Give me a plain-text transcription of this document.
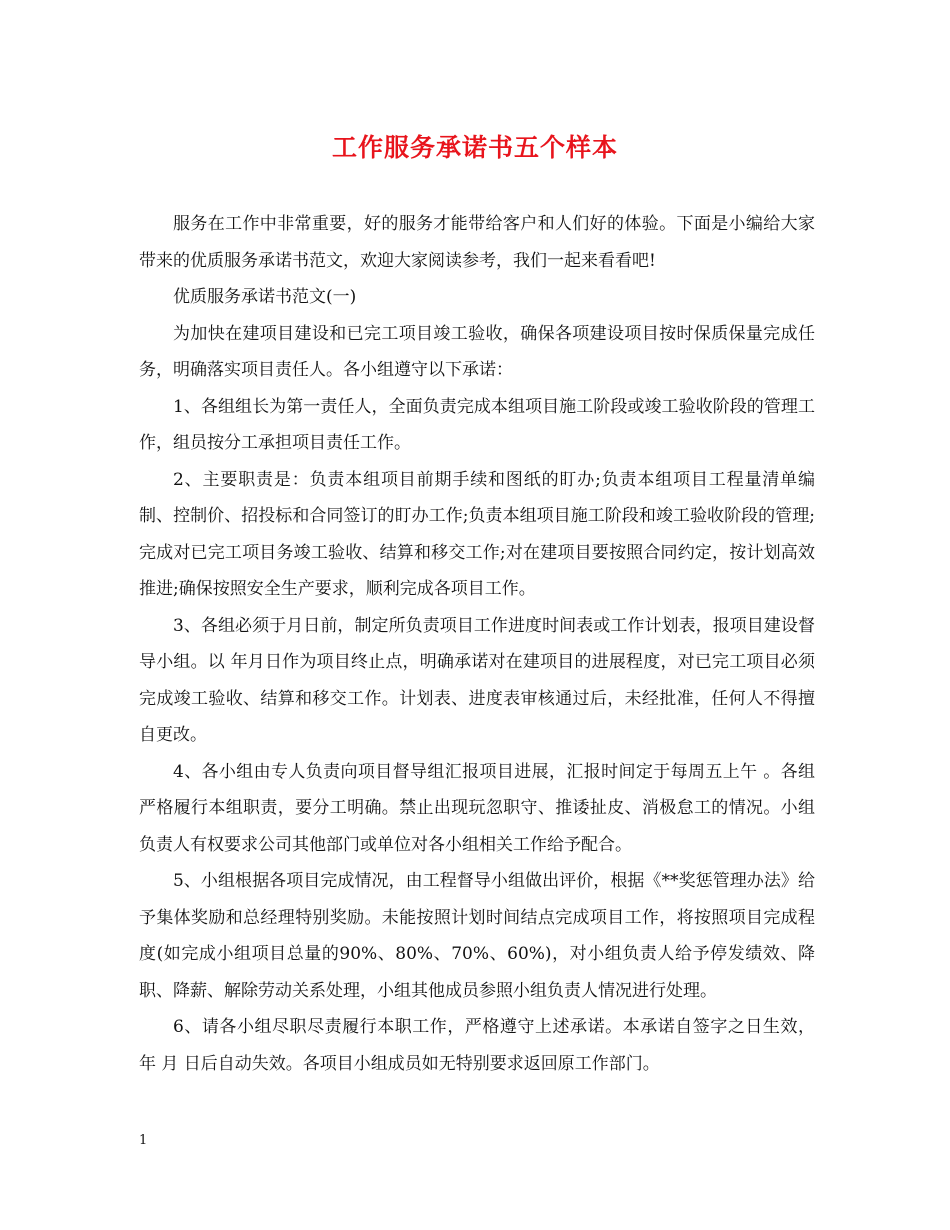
工作服务承诺书五个样本

服务在工作中非常重要，好的服务才能带给客户和人们好的体验。下面是小编给大家带来的优质服务承诺书范文，欢迎大家阅读参考，我们一起来看看吧!

优质服务承诺书范文(一)

为加快在建项目建设和已完工项目竣工验收，确保各项建设项目按时保质保量完成任务，明确落实项目责任人。各小组遵守以下承诺：

1、各组组长为第一责任人，全面负责完成本组项目施工阶段或竣工验收阶段的管理工作，组员按分工承担项目责任工作。

2、主要职责是：负责本组项目前期手续和图纸的盯办;负责本组项目工程量清单编制、控制价、招投标和合同签订的盯办工作;负责本组项目施工阶段和竣工验收阶段的管理;完成对已完工项目务竣工验收、结算和移交工作;对在建项目要按照合同约定，按计划高效推进;确保按照安全生产要求，顺利完成各项目工作。

3、各组必须于月日前，制定所负责项目工作进度时间表或工作计划表，报项目建设督导小组。以 年月日作为项目终止点，明确承诺对在建项目的进展程度，对已完工项目必须完成竣工验收、结算和移交工作。计划表、进度表审核通过后，未经批准，任何人不得擅自更改。

4、各小组由专人负责向项目督导组汇报项目进展，汇报时间定于每周五上午 。各组严格履行本组职责，要分工明确。禁止出现玩忽职守、推诿扯皮、消极怠工的情况。小组负责人有权要求公司其他部门或单位对各小组相关工作给予配合。

5、小组根据各项目完成情况，由工程督导小组做出评价，根据《**奖惩管理办法》给予集体奖励和总经理特别奖励。未能按照计划时间结点完成项目工作，将按照项目完成程度(如完成小组项目总量的90%、80%、70%、60%)，对小组负责人给予停发绩效、降职、降薪、解除劳动关系处理，小组其他成员参照小组负责人情况进行处理。

6、请各小组尽职尽责履行本职工作，严格遵守上述承诺。本承诺自签字之日生效， 年 月 日后自动失效。各项目小组成员如无特别要求返回原工作部门。

1
